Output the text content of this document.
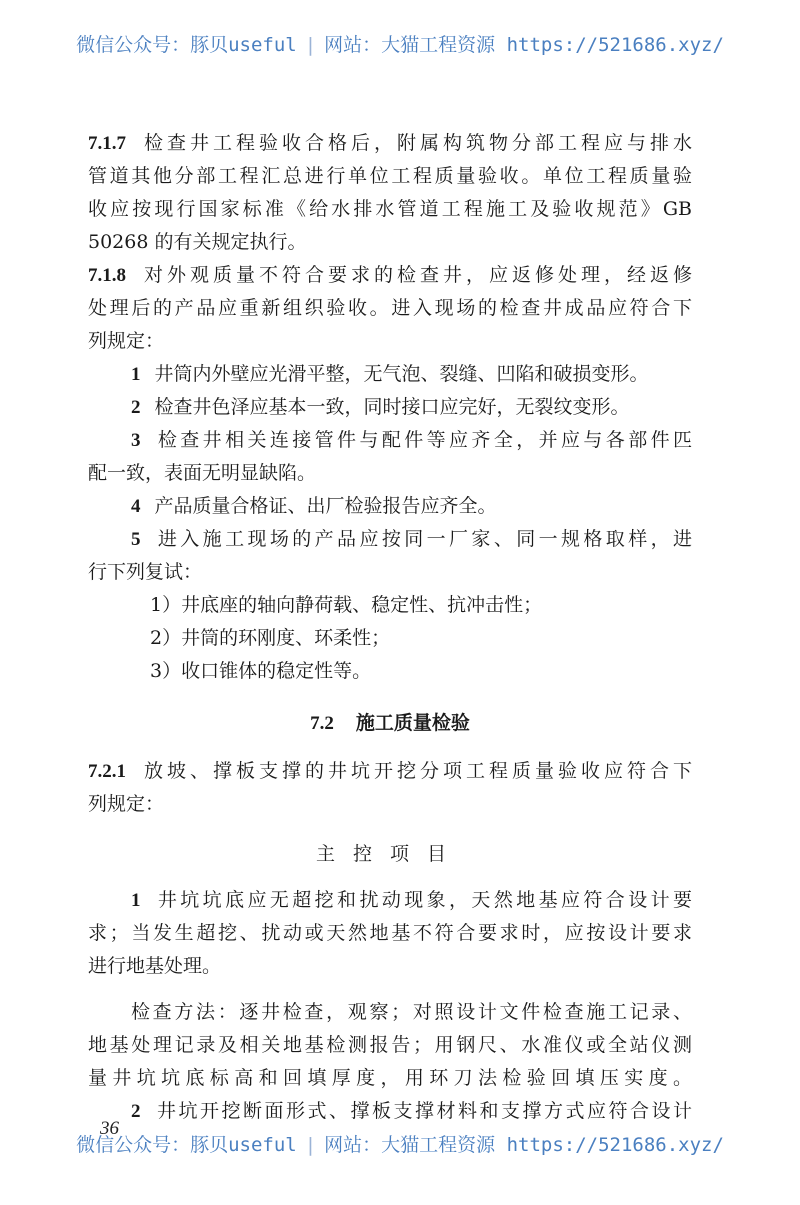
微信公众号：豚贝useful | 网站：大猫工程资源 https://521686.xyz/
7.1.7 检查井工程验收合格后，附属构筑物分部工程应与排水
管道其他分部工程汇总进行单位工程质量验收。单位工程质量验
收应按现行国家标准《给水排水管道工程施工及验收规范》GB
50268 的有关规定执行。
7.1.8 对外观质量不符合要求的检查井，应返修处理，经返修
处理后的产品应重新组织验收。进入现场的检查井成品应符合下
列规定：
1 井筒内外壁应光滑平整，无气泡、裂缝、凹陷和破损变形。
2 检查井色泽应基本一致，同时接口应完好，无裂纹变形。
3 检查井相关连接管件与配件等应齐全，并应与各部件匹
配一致，表面无明显缺陷。
4 产品质量合格证、出厂检验报告应齐全。
5 进入施工现场的产品应按同一厂家、同一规格取样，进
行下列复试：
1）井底座的轴向静荷载、稳定性、抗冲击性；
2）井筒的环刚度、环柔性；
3）收口锥体的稳定性等。
7.2 施工质量检验
7.2.1 放坡、撑板支撑的井坑开挖分项工程质量验收应符合下
列规定：
主控项目
1 井坑坑底应无超挖和扰动现象，天然地基应符合设计要
求；当发生超挖、扰动或天然地基不符合要求时，应按设计要求
进行地基处理。
检查方法：逐井检查，观察；对照设计文件检查施工记录、
地基处理记录及相关地基检测报告；用钢尺、水准仪或全站仪测
量井坑坑底标高和回填厚度，用环刀法检验回填压实度。
2 井坑开挖断面形式、撑板支撑材料和支撑方式应符合设计
微信公众号：豚贝useful | 网站：大猫工程资源 https://521686.xyz/
36
